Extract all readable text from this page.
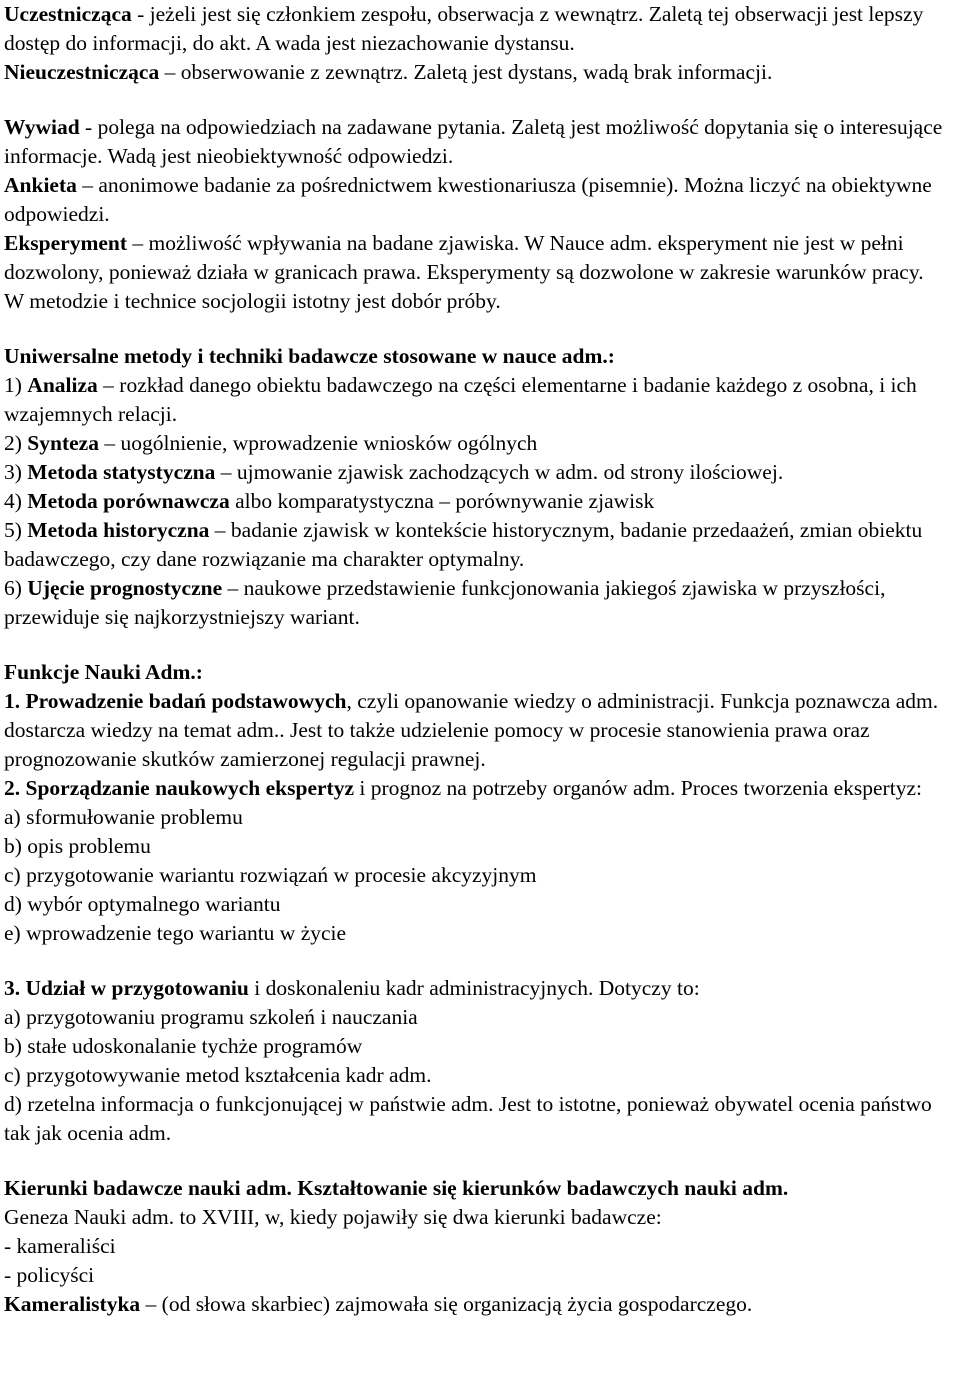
Uczestnicząca - jeżeli jest się członkiem zespołu, obserwacja z wewnątrz. Zaletą tej obserwacji jest lepszy dostęp do informacji, do akt. A wada jest niezachowanie dystansu.

Nieuczestnicząca – obserwowanie z zewnątrz. Zaletą jest dystans, wadą brak informacji.

Wywiad - polega na odpowiedziach na zadawane pytania. Zaletą jest możliwość dopytania się o interesujące informacje. Wadą jest nieobiektywność odpowiedzi.

Ankieta – anonimowe badanie za pośrednictwem kwestionariusza (pisemnie). Można liczyć na obiektywne odpowiedzi.

Eksperyment – możliwość wpływania na badane zjawiska. W Nauce adm. eksperyment nie jest w pełni dozwolony, ponieważ działa w granicach prawa. Eksperymenty są dozwolone w zakresie warunków pracy.

W metodzie i technice socjologii istotny jest dobór próby.

Uniwersalne metody i techniki badawcze stosowane w nauce adm.:

1) Analiza – rozkład danego obiektu badawczego na części elementarne i badanie każdego z osobna, i ich wzajemnych relacji.

2) Synteza – uogólnienie, wprowadzenie wniosków ogólnych

3) Metoda statystyczna – ujmowanie zjawisk zachodzących w adm. od strony ilościowej.

4) Metoda porównawcza albo komparatystyczna – porównywanie zjawisk

5) Metoda historyczna – badanie zjawisk w kontekście historycznym, badanie przedaażeń, zmian obiektu badawczego, czy dane rozwiązanie ma charakter optymalny.

6) Ujęcie prognostyczne – naukowe przedstawienie funkcjonowania jakiegoś zjawiska w przyszłości, przewiduje się najkorzystniejszy wariant.

Funkcje Nauki Adm.:

1. Prowadzenie badań podstawowych, czyli opanowanie wiedzy o administracji. Funkcja poznawcza adm. dostarcza wiedzy na temat adm.. Jest to także udzielenie pomocy w procesie stanowienia prawa oraz prognozowanie skutków zamierzonej regulacji prawnej.

2. Sporządzanie naukowych ekspertyz i prognoz na potrzeby organów adm. Proces tworzenia ekspertyz:

a) sformułowanie problemu

b) opis problemu

c) przygotowanie wariantu rozwiązań w procesie akcyzyjnym

d) wybór optymalnego wariantu

e) wprowadzenie tego wariantu w życie

3. Udział w przygotowaniu i doskonaleniu kadr administracyjnych. Dotyczy to:

a) przygotowaniu programu szkoleń i nauczania

b) stałe udoskonalanie tychże programów

c) przygotowywanie metod kształcenia kadr adm.

d) rzetelna informacja o funkcjonującej w państwie adm. Jest to istotne, ponieważ obywatel ocenia państwo tak jak ocenia adm.

Kierunki badawcze nauki adm. Kształtowanie się kierunków badawczych nauki adm.

Geneza Nauki adm. to XVIII, w, kiedy pojawiły się dwa kierunki badawcze:

- kameraliści

- policyści

Kameralistyka – (od słowa skarbiec) zajmowała się organizacją życia gospodarczego.
